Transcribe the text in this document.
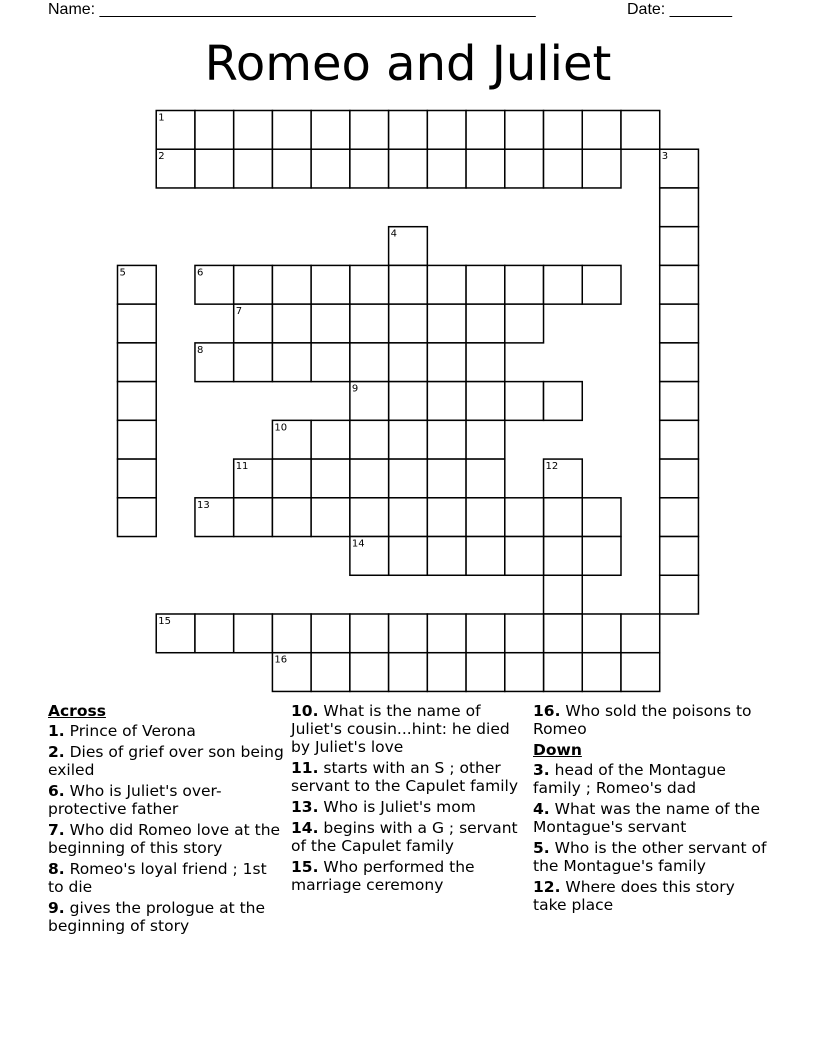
Name: _________________________________________________	Date: _______
Romeo and Juliet
1
2	3
4
5	6
7
8
9
10
11	12
13
14
15
16
Across
1. Prince of Verona
2. Dies of grief over son being exiled
6. Who is Juliet's over-protective father
7. Who did Romeo love at the beginning of this story
8. Romeo's loyal friend ; 1st to die
9. gives the prologue at the beginning of story
10. What is the name of Juliet's cousin...hint: he died by Juliet's love
11. starts with an S ; other servant to the Capulet family
13. Who is Juliet's mom
14. begins with a G ; servant of the Capulet family
15. Who performed the marriage ceremony
16. Who sold the poisons to Romeo
Down
3. head of the Montague family ; Romeo's dad
4. What was the name of the Montague's servant
5. Who is the other servant of the Montague's family
12. Where does this story take place
